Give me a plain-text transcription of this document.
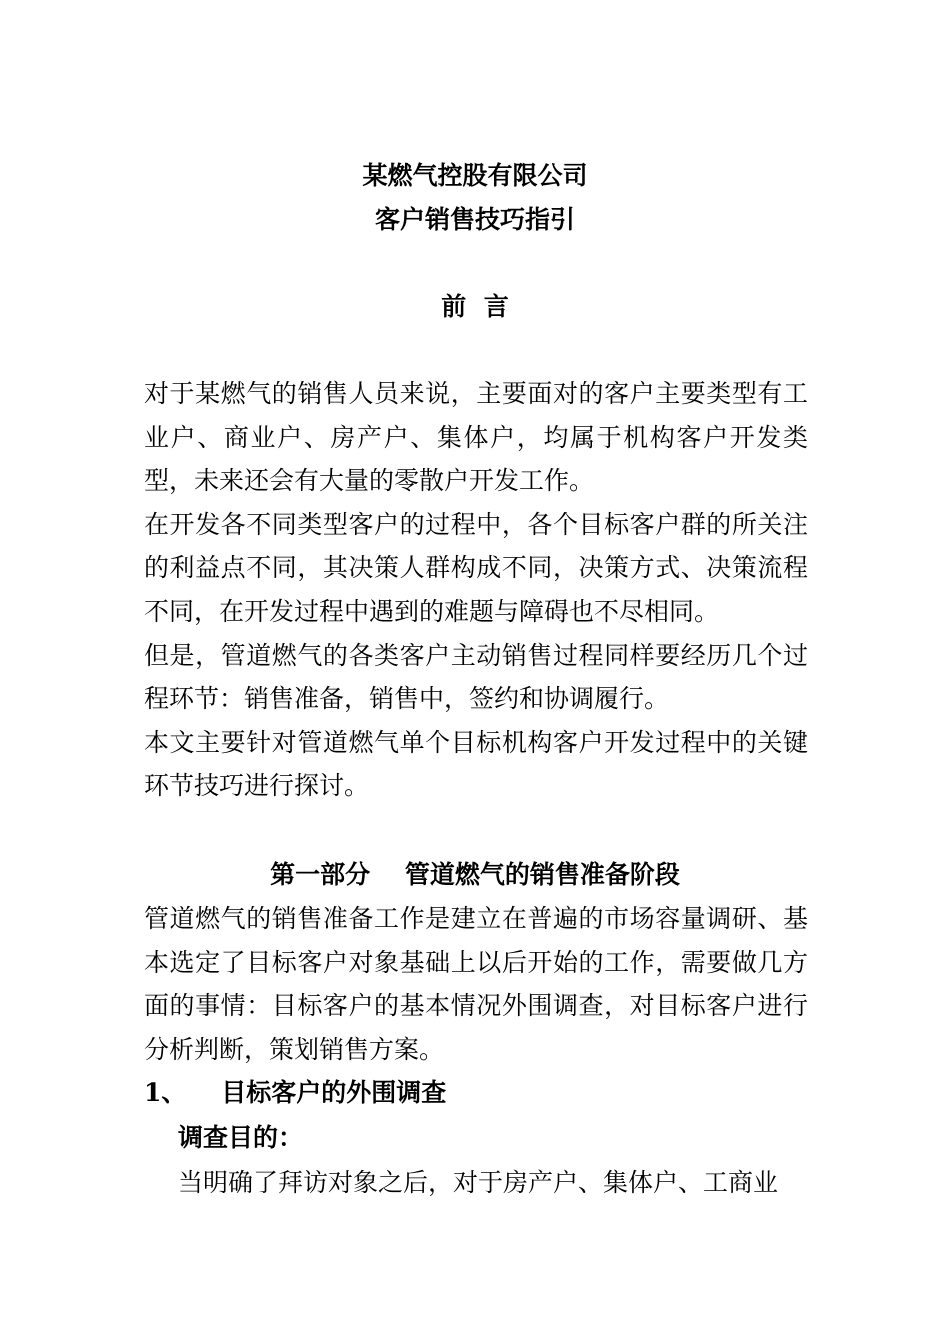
某燃气控股有限公司
客户销售技巧指引
前  言

对于某燃气的销售人员来说，主要面对的客户主要类型有工业户、商业户、房产户、集体户，均属于机构客户开发类型，未来还会有大量的零散户开发工作。

在开发各不同类型客户的过程中，各个目标客户群的所关注的利益点不同，其决策人群构成不同，决策方式、决策流程不同，在开发过程中遇到的难题与障碍也不尽相同。

但是，管道燃气的各类客户主动销售过程同样要经历几个过程环节：销售准备，销售中，签约和协调履行。

本文主要针对管道燃气单个目标机构客户开发过程中的关键环节技巧进行探讨。

第一部分    管道燃气的销售准备阶段

管道燃气的销售准备工作是建立在普遍的市场容量调研、基本选定了目标客户对象基础上以后开始的工作，需要做几方面的事情：目标客户的基本情况外围调查，对目标客户进行分析判断，策划销售方案。

1、    目标客户的外围调查
调查目的：
当明确了拜访对象之后，对于房产户、集体户、工商业
